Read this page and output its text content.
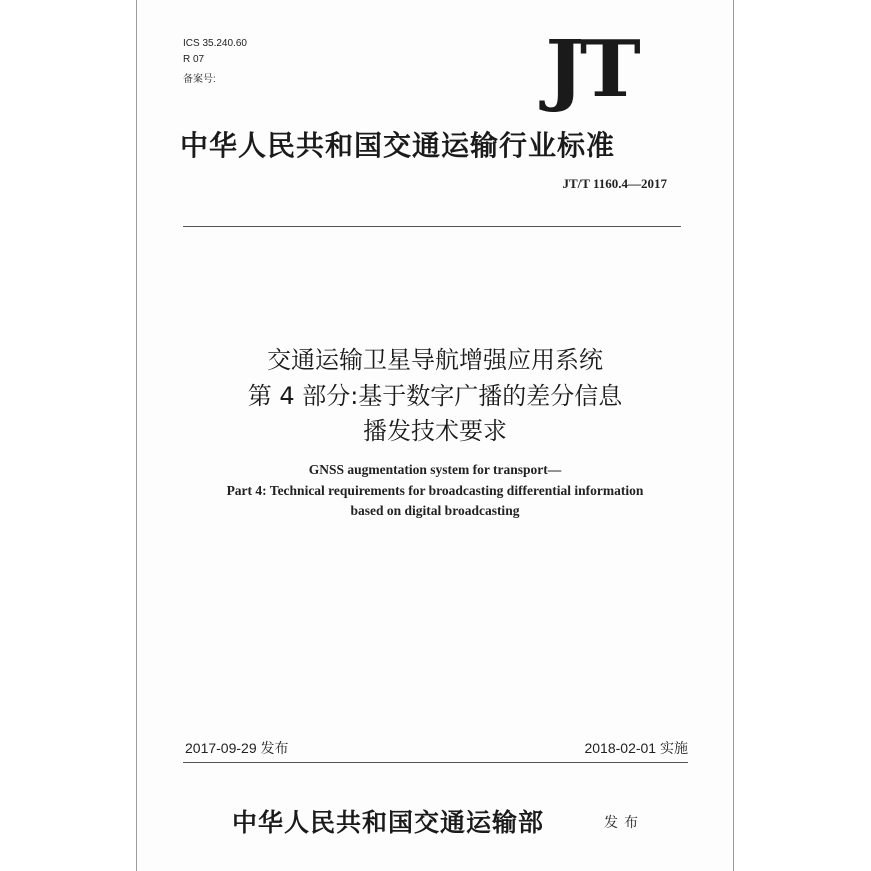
ICS 35.240.60
R 07
备案号:	JT
中华人民共和国交通运输行业标准
JT/T 1160.4—2017
交通运输卫星导航增强应用系统
第 4 部分:基于数字广播的差分信息
播发技术要求
GNSS augmentation system for transport—
Part 4: Technical requirements for broadcasting differential information
based on digital broadcasting
2017-09-29 发布	2018-02-01 实施
中华人民共和国交通运输部	发布
